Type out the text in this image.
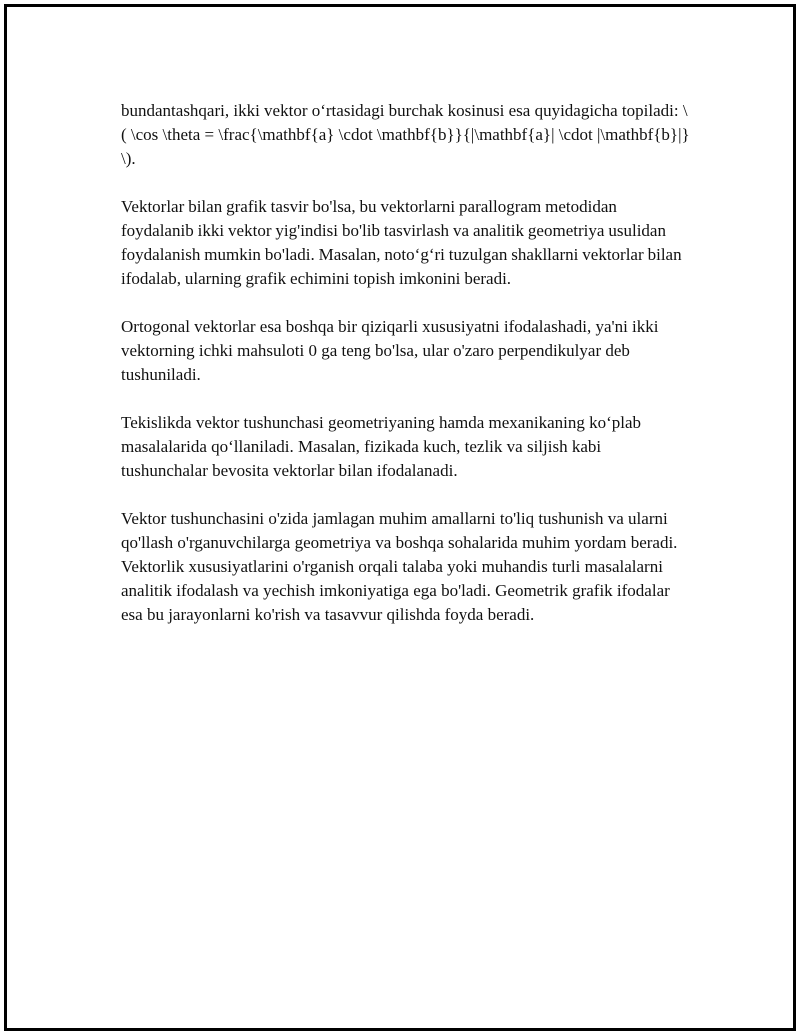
bundantashqari, ikki vektor o‘rtasidagi burchak kosinusi esa quyidagicha topiladi: \( \cos \theta = \frac{\mathbf{a} \cdot \mathbf{b}}{|\mathbf{a}| \cdot |\mathbf{b}|} \).

Vektorlar bilan grafik tasvir bo'lsa, bu vektorlarni parallogram metodidan foydalanib ikki vektor yig'indisi bo'lib tasvirlash va analitik geometriya usulidan foydalanish mumkin bo'ladi. Masalan, noto‘g‘ri tuzulgan shakllarni vektorlar bilan ifodalab, ularning grafik echimini topish imkonini beradi.

Ortogonal vektorlar esa boshqa bir qiziqarli xususiyatni ifodalashadi, ya'ni ikki vektorning ichki mahsuloti 0 ga teng bo'lsa, ular o'zaro perpendikulyar deb tushuniladi.

Tekislikda vektor tushunchasi geometriyaning hamda mexanikaning ko‘plab masalalarida qo‘llaniladi. Masalan, fizikada kuch, tezlik va siljish kabi tushunchalar bevosita vektorlar bilan ifodalanadi.

Vektor tushunchasini o'zida jamlagan muhim amallarni to'liq tushunish va ularni qo'llash o'rganuvchilarga geometriya va boshqa sohalarida muhim yordam beradi. Vektorlik xususiyatlarini o'rganish orqali talaba yoki muhandis turli masalalarni analitik ifodalash va yechish imkoniyatiga ega bo'ladi. Geometrik grafik ifodalar esa bu jarayonlarni ko'rish va tasavvur qilishda foyda beradi.
